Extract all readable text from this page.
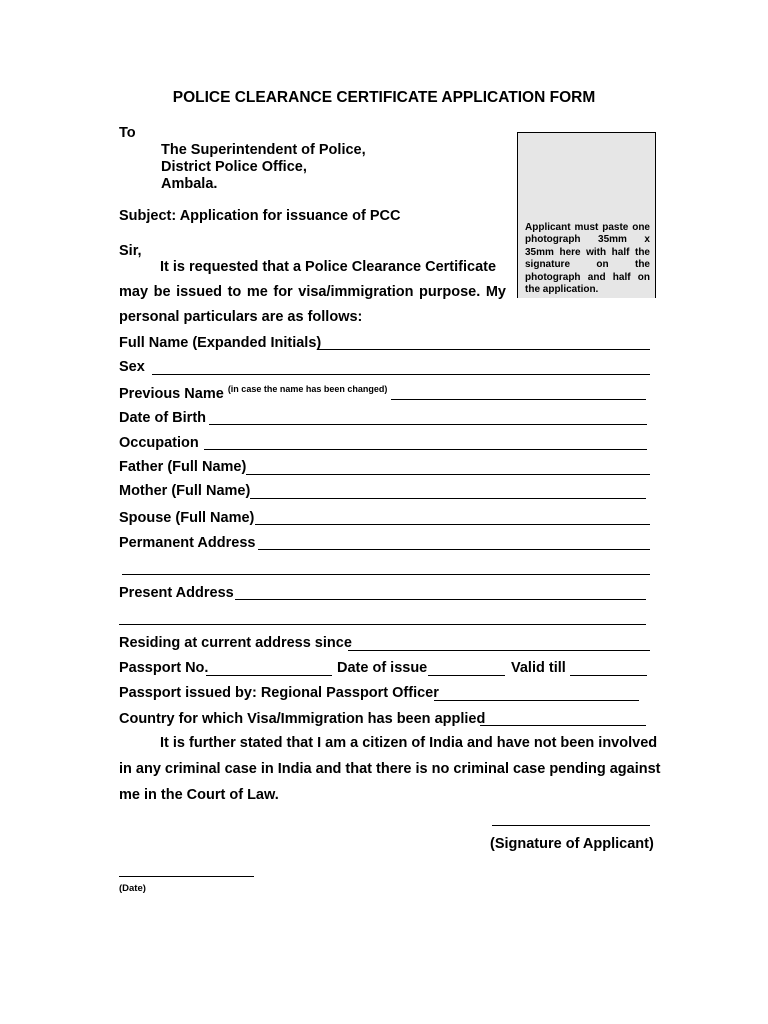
POLICE CLEARANCE CERTIFICATE APPLICATION FORM
To
The Superintendent of Police,
District Police Office,
Ambala.
Applicant must paste one photograph 35mm x 35mm here with half the signature on the photograph and half on the application.
Subject: Application for issuance of PCC
Sir,
It is requested that a Police Clearance Certificate
may be issued to me for visa/immigration purpose. My
personal particulars are as follows:
Full Name (Expanded Initials)
Sex
Previous Name $^{(in case the name has been changed)}$
Date of Birth
Occupation
Father (Full Name)
Mother (Full Name)
Spouse (Full Name)
Permanent Address
Present Address
Residing at current address since
Passport No.	Date of issue	Valid till
Passport issued by: Regional Passport Officer
Country for which Visa/Immigration has been applied
It is further stated that I am a citizen of India and have not been involved
in any criminal case in India and that there is no criminal case pending against
me in the Court of Law.
(Signature of Applicant)
(Date)
